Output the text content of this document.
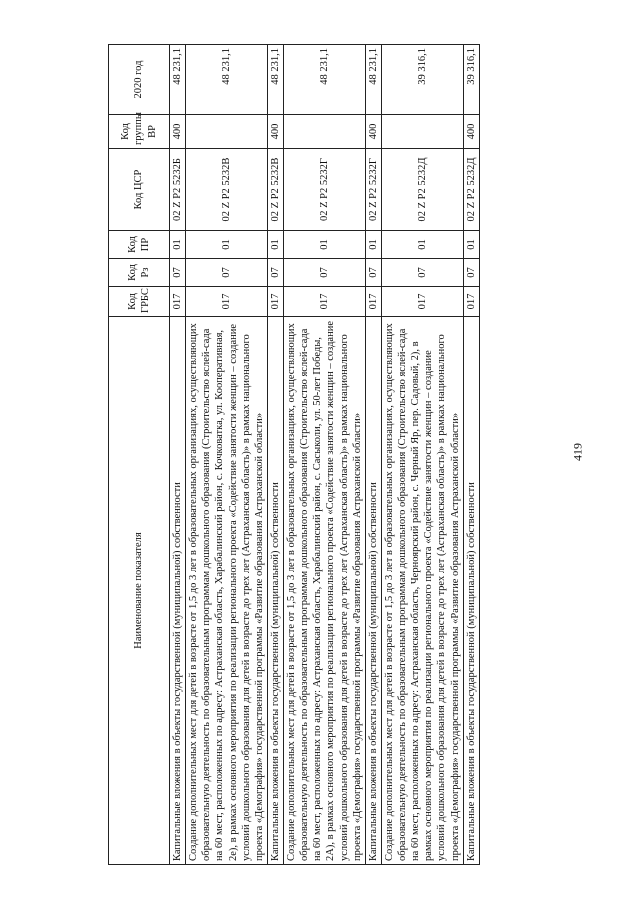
419
Наименование показателя	Код ГРБС	Код Рз	Код ПР	Код ЦСР	Код группы ВР	2020 год
Капитальные вложения в объекты государственной (муниципальной) собственности	017	07	01	02 Z P2 5232Б	400	48 231,1
Создание дополнительных мест для детей в возрасте от 1,5 до 3 лет в образовательных организациях, осуществляющих образовательную деятельность по образовательным программам дошкольного образования (Строительство яслей-сада на 60 мест, расположенных по адресу: Астраханская область, Харабалинский район, с. Кочковатка, ул. Кооперативная, 2е), в рамках основного мероприятия по реализации регионального проекта «Содействие занятости женщин – создание условий дошкольного образования для детей в возрасте до трех лет (Астраханская область)» в рамках национального проекта «Демография» государственной программы «Развитие образования Астраханской области»	017	07	01	02 Z P2 5232В		48 231,1
Капитальные вложения в объекты государственной (муниципальной) собственности	017	07	01	02 Z P2 5232В	400	48 231,1
Создание дополнительных мест для детей в возрасте от 1,5 до 3 лет в образовательных организациях, осуществляющих образовательную деятельность по образовательным программам дошкольного образования (Строительство яслей-сада на 60 мест, расположенных по адресу: Астраханская область, Харабалинский район, с. Сасыколи, ул. 50-лет Победы, 2А), в рамках основного мероприятия по реализации регионального проекта «Содействие занятости женщин – создание условий дошкольного образования для детей в возрасте до трех лет (Астраханская область)» в рамках национального проекта «Демография» государственной программы «Развитие образования Астраханской области»	017	07	01	02 Z P2 5232Г		48 231,1
Капитальные вложения в объекты государственной (муниципальной) собственности	017	07	01	02 Z P2 5232Г	400	48 231,1
Создание дополнительных мест для детей в возрасте от 1,5 до 3 лет в образовательных организациях, осуществляющих образовательную деятельность по образовательным программам дошкольного образования (Строительство яслей-сада на 60 мест, расположенных по адресу: Астраханская область, Черноярский район, с. Черный Яр, пер. Садовый, 2), в рамках основного мероприятия по реализации регионального проекта «Содействие занятости женщин – создание условий дошкольного образования для детей в возрасте до трех лет (Астраханская область)» в рамках национального проекта «Демография» государственной программы «Развитие образования Астраханской области»	017	07	01	02 Z P2 5232Д		39 316,1
Капитальные вложения в объекты государственной (муниципальной) собственности	017	07	01	02 Z P2 5232Д	400	39 316,1
